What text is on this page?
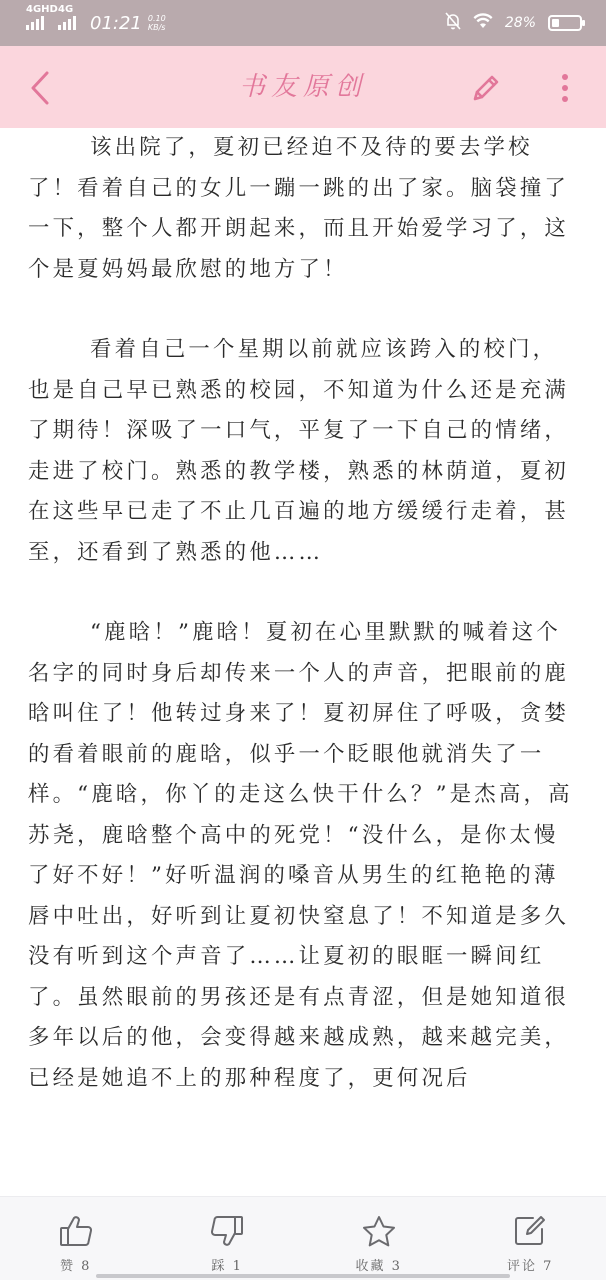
4GHD 4G
01:21 0.10
KB/s	28%
书友原创

该出院了，夏初已经迫不及待的要去学校了！看着自己的女儿一蹦一跳的出了家。脑袋撞了一下，整个人都开朗起来，而且开始爱学习了，这个是夏妈妈最欣慰的地方了！

看着自己一个星期以前就应该跨入的校门，也是自己早已熟悉的校园，不知道为什么还是充满了期待！深吸了一口气，平复了一下自己的情绪，走进了校门。熟悉的教学楼，熟悉的林荫道，夏初在这些早已走了不止几百遍的地方缓缓行走着，甚至，还看到了熟悉的他……

“鹿晗！”鹿晗！夏初在心里默默的喊着这个名字的同时身后却传来一个人的声音，把眼前的鹿晗叫住了！他转过身来了！夏初屏住了呼吸，贪婪的看着眼前的鹿晗，似乎一个眨眼他就消失了一样。“鹿晗，你丫的走这么快干什么？”是杰高，高苏尧，鹿晗整个高中的死党！“没什么，是你太慢了好不好！”好听温润的嗓音从男生的红艳艳的薄唇中吐出，好听到让夏初快窒息了！不知道是多久没有听到这个声音了……让夏初的眼眶一瞬间红了。虽然眼前的男孩还是有点青涩，但是她知道很多年以后的他，会变得越来越成熟，越来越完美，已经是她追不上的那种程度了，更何况后

赞 8	踩 1	收藏 3	评论 7
